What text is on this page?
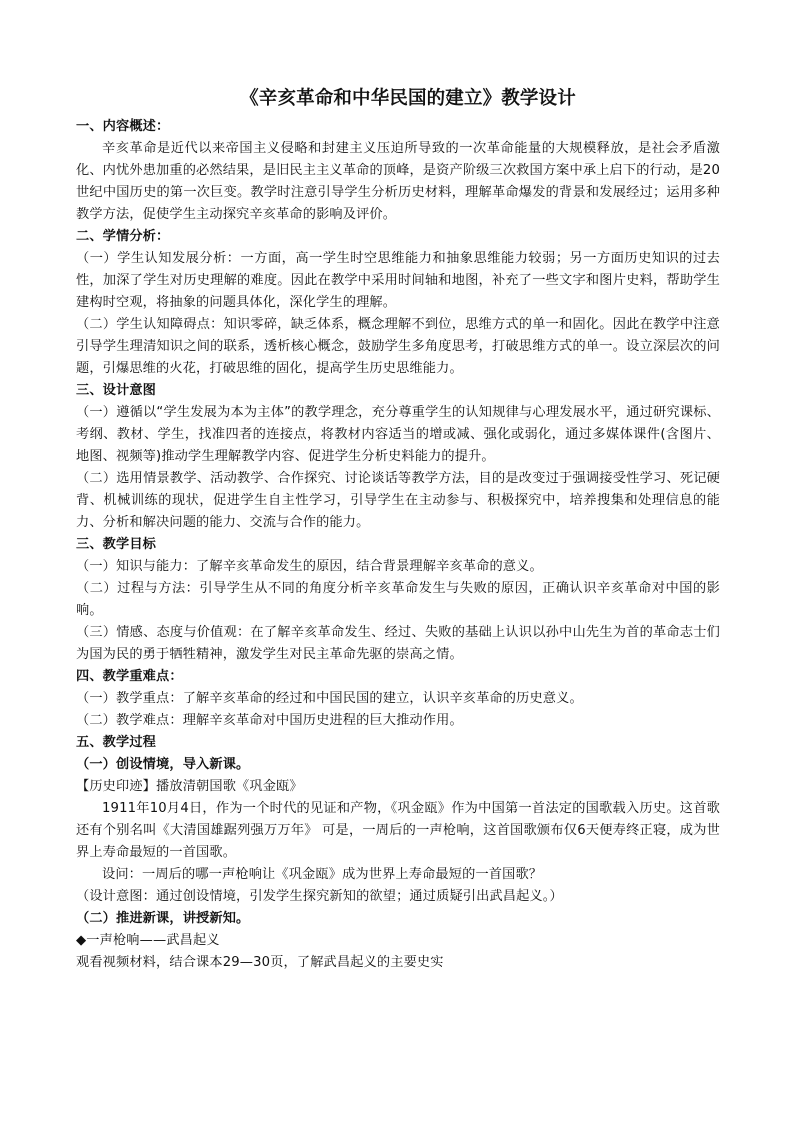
《辛亥革命和中华民国的建立》教学设计
一、内容概述：

辛亥革命是近代以来帝国主义侵略和封建主义压迫所导致的一次革命能量的大规模释放，是社会矛盾激化、内忧外患加重的必然结果，是旧民主主义革命的顶峰，是资产阶级三次救国方案中承上启下的行动，是20世纪中国历史的第一次巨变。教学时注意引导学生分析历史材料，理解革命爆发的背景和发展经过；运用多种教学方法，促使学生主动探究辛亥革命的影响及评价。

二、学情分析：

（一）学生认知发展分析：一方面，高一学生时空思维能力和抽象思维能力较弱；另一方面历史知识的过去性，加深了学生对历史理解的难度。因此在教学中采用时间轴和地图，补充了一些文字和图片史料，帮助学生建构时空观，将抽象的问题具体化，深化学生的理解。

（二）学生认知障碍点：知识零碎，缺乏体系，概念理解不到位，思维方式的单一和固化。因此在教学中注意引导学生理清知识之间的联系，透析核心概念，鼓励学生多角度思考，打破思维方式的单一。设立深层次的问题，引爆思维的火花，打破思维的固化，提高学生历史思维能力。

三、设计意图

（一）遵循以“学生发展为本为主体”的教学理念，充分尊重学生的认知规律与心理发展水平，通过研究课标、考纲、教材、学生，找准四者的连接点，将教材内容适当的增或减、强化或弱化，通过多媒体课件(含图片、地图、视频等)推动学生理解教学内容、促进学生分析史料能力的提升。

（二）选用情景教学、活动教学、合作探究、讨论谈话等教学方法，目的是改变过于强调接受性学习、死记硬背、机械训练的现状，促进学生自主性学习，引导学生在主动参与、积极探究中，培养搜集和处理信息的能力、分析和解决问题的能力、交流与合作的能力。

三、教学目标

（一）知识与能力：了解辛亥革命发生的原因，结合背景理解辛亥革命的意义。

（二）过程与方法：引导学生从不同的角度分析辛亥革命发生与失败的原因，正确认识辛亥革命对中国的影响。

（三）情感、态度与价值观：在了解辛亥革命发生、经过、失败的基础上认识以孙中山先生为首的革命志士们为国为民的勇于牺牲精神，激发学生对民主革命先驱的崇高之情。

四、教学重难点：

（一）教学重点：了解辛亥革命的经过和中国民国的建立，认识辛亥革命的历史意义。

（二）教学难点：理解辛亥革命对中国历史进程的巨大推动作用。

五、教学过程
（一）创设情境，导入新课。

【历史印迹】播放清朝国歌《巩金瓯》

1911年10月4日，作为一个时代的见证和产物，《巩金瓯》作为中国第一首法定的国歌载入历史。这首歌还有个别名叫《大清国雄踞列强万万年》 可是，一周后的一声枪响，这首国歌颁布仅6天便寿终正寝，成为世界上寿命最短的一首国歌。

设问：一周后的哪一声枪响让《巩金瓯》成为世界上寿命最短的一首国歌？

（设计意图：通过创设情境，引发学生探究新知的欲望；通过质疑引出武昌起义。）

（二）推进新课，讲授新知。

◆一声枪响——武昌起义

观看视频材料，结合课本29—30页，了解武昌起义的主要史实
